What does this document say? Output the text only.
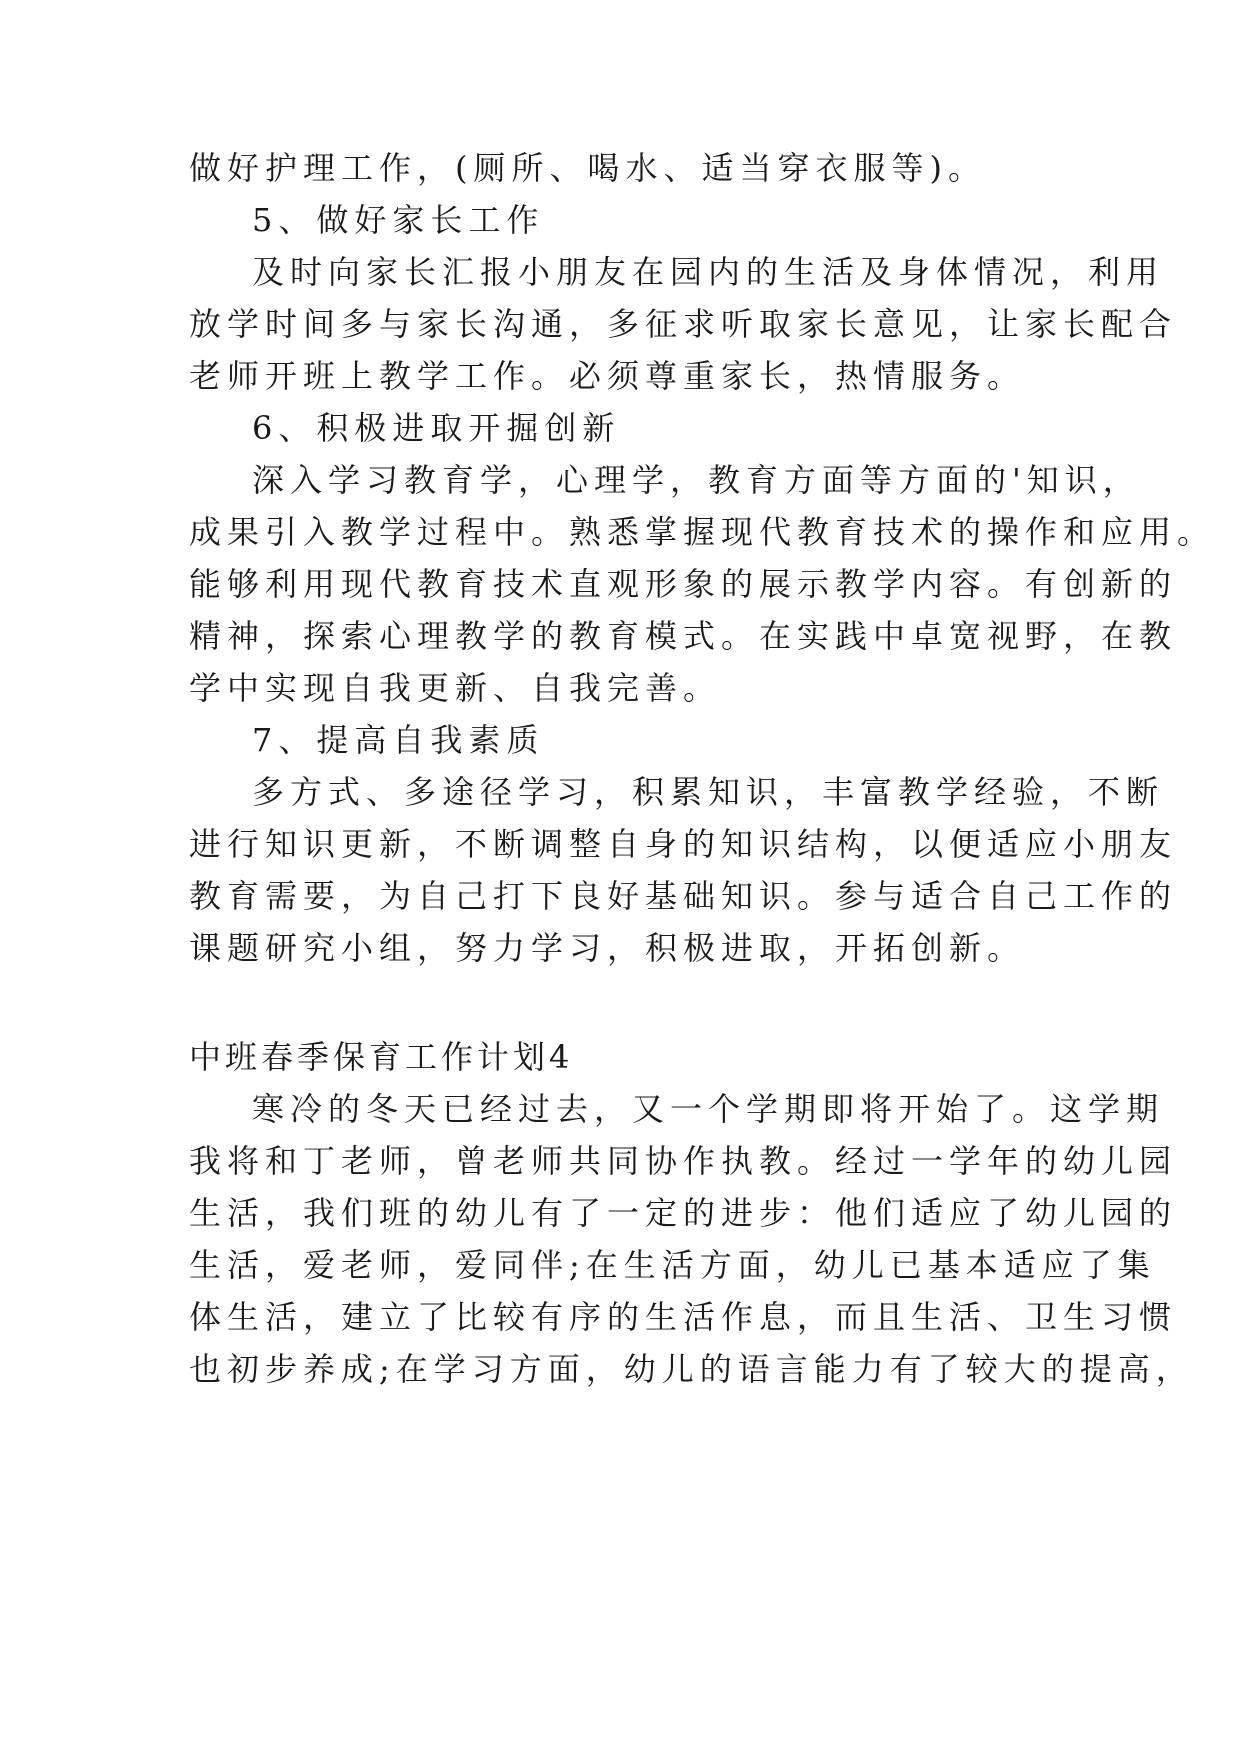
做好护理工作，(厕所、喝水、适当穿衣服等)。
5、做好家长工作
及时向家长汇报小朋友在园内的生活及身体情况，利用
放学时间多与家长沟通，多征求听取家长意见，让家长配合
老师开班上教学工作。必须尊重家长，热情服务。
6、积极进取开掘创新
深入学习教育学，心理学，教育方面等方面的'知识，
成果引入教学过程中。熟悉掌握现代教育技术的操作和应用。
能够利用现代教育技术直观形象的展示教学内容。有创新的
精神，探索心理教学的教育模式。在实践中卓宽视野，在教
学中实现自我更新、自我完善。
7、提高自我素质
多方式、多途径学习，积累知识，丰富教学经验，不断
进行知识更新，不断调整自身的知识结构，以便适应小朋友
教育需要，为自己打下良好基础知识。参与适合自己工作的
课题研究小组，努力学习，积极进取，开拓创新。
中班春季保育工作计划4
寒冷的冬天已经过去，又一个学期即将开始了。这学期
我将和丁老师，曾老师共同协作执教。经过一学年的幼儿园
生活，我们班的幼儿有了一定的进步：他们适应了幼儿园的
生活，爱老师，爱同伴;在生活方面，幼儿已基本适应了集
体生活，建立了比较有序的生活作息，而且生活、卫生习惯
也初步养成;在学习方面，幼儿的语言能力有了较大的提高，
